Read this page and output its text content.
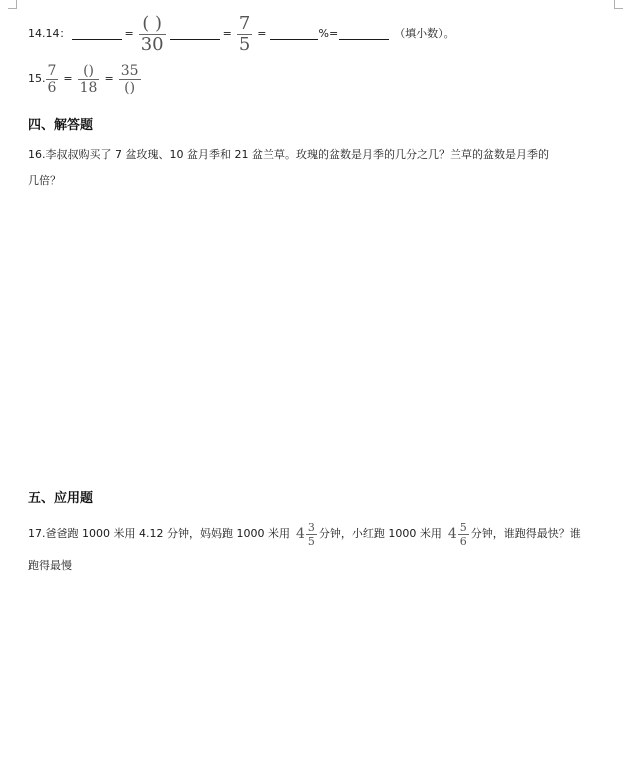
14.14：	= $\frac{( )}{30}$	= $\frac{7}{5}$ =	%=	（填小数）。
15. $\frac{7}{6} = \frac{()}{18} = \frac{35}{()}$
四、解答题
16.李叔叔购买了 7 盆玫瑰、10 盆月季和 21 盆兰草。玫瑰的盆数是月季的几分之几？兰草的盆数是月季的
几倍？
五、应用题
17.爸爸跑 1000 米用 4.12 分钟，妈妈跑 1000 米用 $4 \frac{3}{5}$ 分钟，小红跑 1000 米用 $4 \frac{5}{6}$ 分钟，谁跑得最快？谁
跑得最慢
